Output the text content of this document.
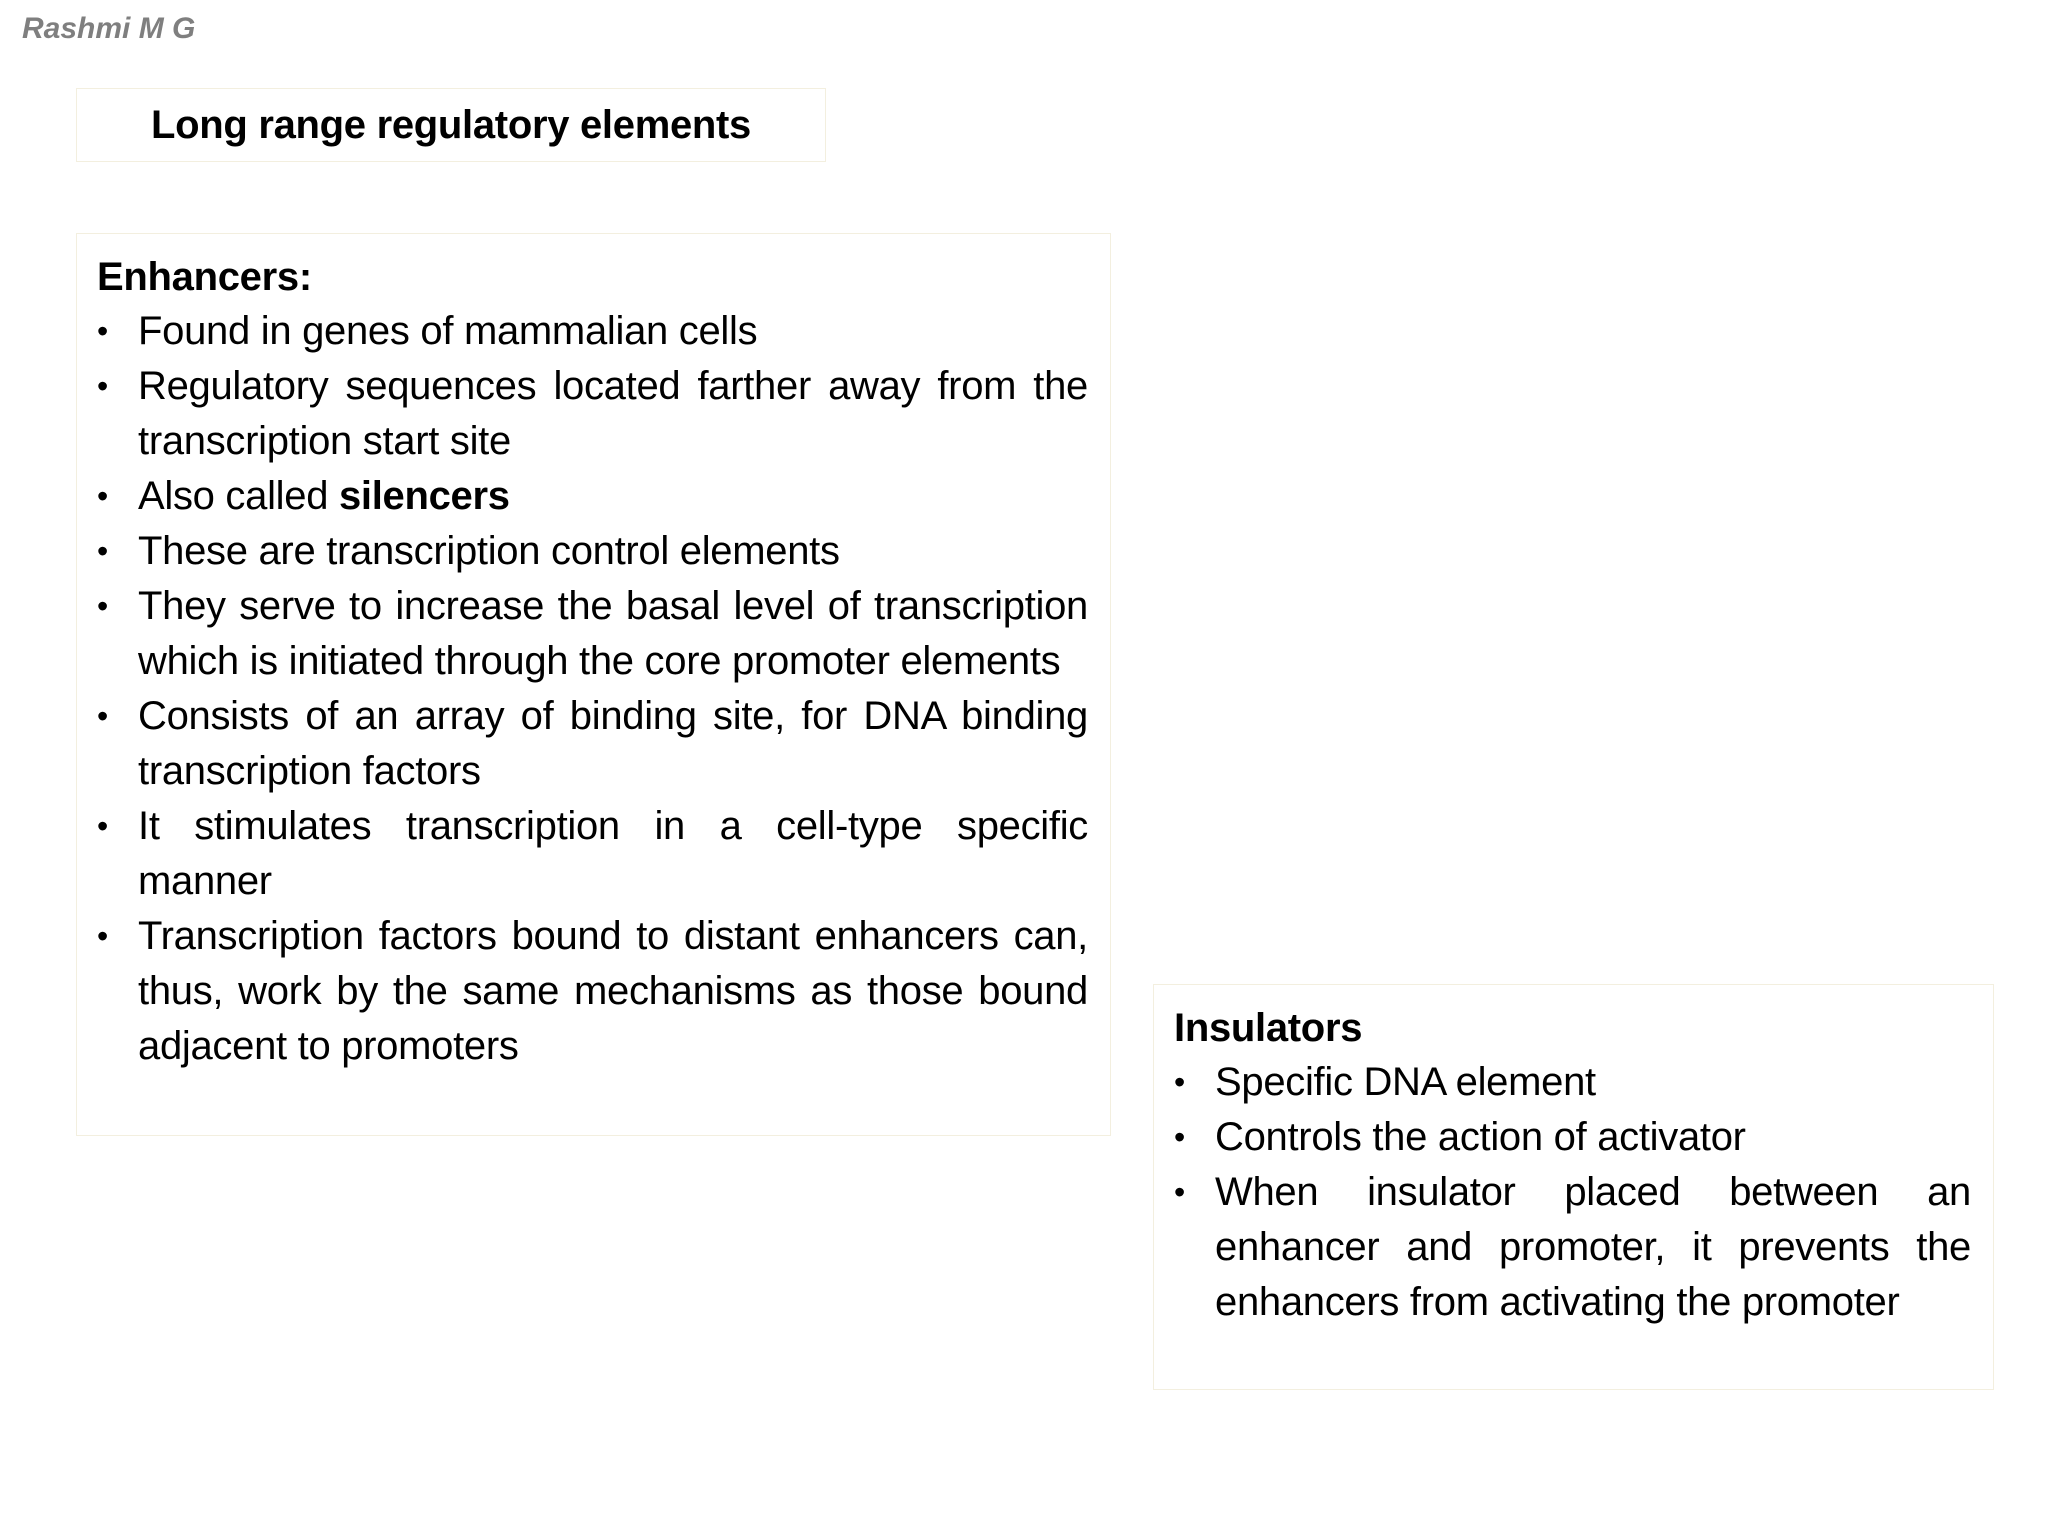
Rashmi M G
Long range regulatory elements
Enhancers:
• Found in genes of mammalian cells
• Regulatory sequences located farther away from the transcription start site
• Also called silencers
• These are transcription control elements
• They serve to increase the basal level of transcription which is initiated through the core promoter elements
• Consists of an array of binding site, for DNA binding transcription factors
• It stimulates transcription in a cell-type specific manner
• Transcription factors bound to distant enhancers can, thus, work by the same mechanisms as those bound adjacent to promoters	Insulators
• Specific DNA element
• Controls the action of activator
• When insulator placed between an enhancer and promoter, it prevents the enhancers from activating the promoter
